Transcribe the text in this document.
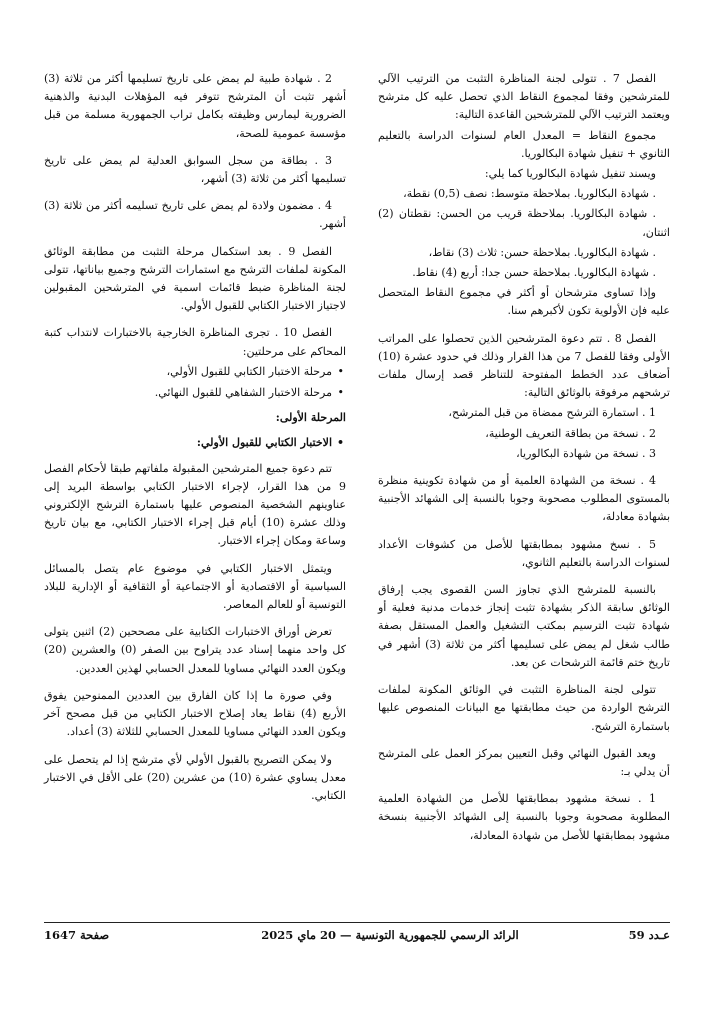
الفصل 7 . تتولى لجنة المناظرة التثبت من الترتيب الآلي للمترشحين وفقا لمجموع النقاط الذي تحصل عليه كل مترشح ويعتمد الترتيب الآلي للمترشحين القاعدة التالية:

مجموع النقاط = المعدل العام لسنوات الدراسة بالتعليم الثانوي + تنفيل شهادة البكالوريا.

ويسند تنفيل شهادة البكالوريا كما يلي:

. شهادة البكالوريا. بملاحظة متوسط: نصف (0,5) نقطة،

. شهادة البكالوريا. بملاحظة قريب من الحسن: نقطتان (2) اثنتان،

. شهادة البكالوريا. بملاحظة حسن: ثلاث (3) نقاط،

. شهادة البكالوريا. بملاحظة حسن جدا: أربع (4) نقاط.

وإذا تساوى مترشحان أو أكثر في مجموع النقاط المتحصل عليه فإن الأولوية تكون لأكبرهم سنا.

الفصل 8 . تتم دعوة المترشحين الذين تحصلوا على المراتب الأولى وفقا للفصل 7 من هذا القرار وذلك في حدود عشرة (10) أضعاف عدد الخطط المفتوحة للتناظر قصد إرسال ملفات ترشحهم مرفوقة بالوثائق التالية:

1 . استمارة الترشح ممضاة من قبل المترشح،

2 . نسخة من بطاقة التعريف الوطنية،

3 . نسخة من شهادة البكالوريا،

4 . نسخة من الشهادة العلمية أو من شهادة تكوينية منظرة بالمستوى المطلوب مصحوبة وجوبا بالنسبة إلى الشهائد الأجنبية بشهادة معادلة،

5 . نسخ مشهود بمطابقتها للأصل من كشوفات الأعداد لسنوات الدراسة بالتعليم الثانوي،

بالنسبة للمترشح الذي تجاوز السن القصوى يجب إرفاق الوثائق سابقة الذكر بشهادة تثبت إنجاز خدمات مدنية فعلية أو شهادة تثبت الترسيم بمكتب التشغيل والعمل المستقل بصفة طالب شغل لم يمض على تسليمها أكثر من ثلاثة (3) أشهر في تاريخ ختم قائمة الترشحات عن بعد.

تتولى لجنة المناظرة التثبت في الوثائق المكونة لملفات الترشح الواردة من حيث مطابقتها مع البيانات المنصوص عليها باستمارة الترشح.

ويعد القبول النهائي وقبل التعيين بمركز العمل على المترشح أن يدلي بـ:

1 . نسخة مشهود بمطابقتها للأصل من الشهادة العلمية المطلوبة مصحوبة وجوبا بالنسبة إلى الشهائد الأجنبية بنسخة مشهود بمطابقتها للأصل من شهادة المعادلة،

2 . شهادة طبية لم يمض على تاريخ تسليمها أكثر من ثلاثة (3) أشهر تثبت أن المترشح تتوفر فيه المؤهلات البدنية والذهنية الضرورية ليمارس وظيفته بكامل تراب الجمهورية مسلمة من قبل مؤسسة عمومية للصحة،

3 . بطاقة من سجل السوابق العدلية لم يمض على تاريخ تسليمها أكثر من ثلاثة (3) أشهر،

4 . مضمون ولادة لم يمض على تاريخ تسليمه أكثر من ثلاثة (3) أشهر.

الفصل 9 . بعد استكمال مرحلة التثبت من مطابقة الوثائق المكونة لملفات الترشح مع استمارات الترشح وجميع بياناتها، تتولى لجنة المناظرة ضبط قائمات اسمية في المترشحين المقبولين لاجتياز الاختبار الكتابي للقبول الأولي.

الفصل 10 . تجرى المناظرة الخارجية بالاختبارات لانتداب كتبة المحاكم على مرحلتين:

• مرحلة الاختبار الكتابي للقبول الأولي،
• مرحلة الاختبار الشفاهي للقبول النهائي.

المرحلة الأولى:

• الاختبار الكتابي للقبول الأولي:

تتم دعوة جميع المترشحين المقبولة ملفاتهم طبقا لأحكام الفصل 9 من هذا القرار، لإجراء الاختبار الكتابي بواسطة البريد إلى عناوينهم الشخصية المنصوص عليها باستمارة الترشح الإلكتروني وذلك عشرة (10) أيام قبل إجراء الاختبار الكتابي، مع بيان تاريخ وساعة ومكان إجراء الاختبار.

ويتمثل الاختبار الكتابي في موضوع عام يتصل بالمسائل السياسية أو الاقتصادية أو الاجتماعية أو الثقافية أو الإدارية للبلاد التونسية أو للعالم المعاصر.

تعرض أوراق الاختبارات الكتابية على مصححين (2) اثنين يتولى كل واحد منهما إسناد عدد يتراوح بين الصفر (0) والعشرين (20) ويكون العدد النهائي مساويا للمعدل الحسابي لهذين العددين.

وفي صورة ما إذا كان الفارق بين العددين الممنوحين يفوق الأربع (4) نقاط يعاد إصلاح الاختبار الكتابي من قبل مصحح آخر ويكون العدد النهائي مساويا للمعدل الحسابي للثلاثة (3) أعداد.

ولا يمكن التصريح بالقبول الأولي لأي مترشح إذا لم يتحصل على معدل يساوي عشرة (10) من عشرين (20) على الأقل في الاختبار الكتابي.

عـدد 59
الرائد الرسمي للجمهورية التونسية — 20 ماي 2025
صفحة 1647
